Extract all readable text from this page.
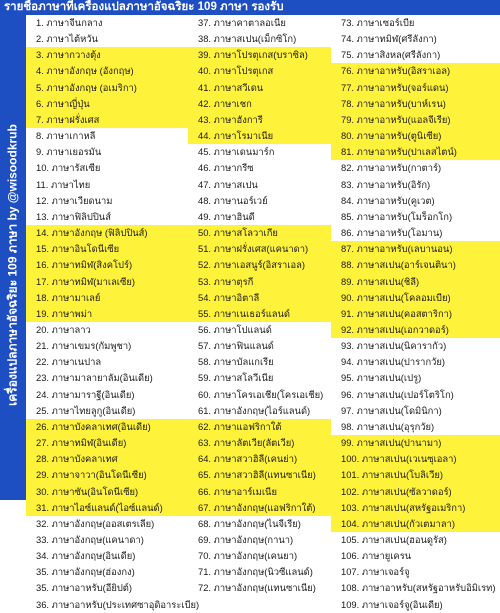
รายชื่อภาษาที่เครื่องแปลภาษาอัจฉริยะ 109 ภาษา รองรับ
เครื่องแปลภาษาอัจฉริยะ 109 ภาษา by @wisoodkrub
1. ภาษาจีนกลาง
2. ภาษาไต้หวัน
3. ภาษากวางตุ้ง
4. ภาษาอังกฤษ (อังกฤษ)
5. ภาษาอังกฤษ (อเมริกา)
6. ภาษาญี่ปุ่น
7. ภาษาฝรั่งเศส
8. ภาษาเกาหลี
9. ภาษาเยอรมัน
10. ภาษารัสเซีย
11. ภาษาไทย
12. ภาษาเวียดนาม
13. ภาษาฟิลิปปินส์
14. ภาษาอังกฤษ (ฟิลิปปินส์)
15. ภาษาอินโดนีเซีย
16. ภาษาทมิฬ(สิงคโปร์)
17. ภาษาทมิฬ(มาเลเซีย)
18. ภาษามาเลย์
19. ภาษาพม่า
20. ภาษาลาว
21. ภาษาเขมร(กัมพูชา)
22. ภาษาเนปาล
23. ภาษามาลายาลัม(อินเดีย)
24. ภาษามาราฐี(อินเดีย)
25. ภาษาไทยลูกู(อินเดีย)
26. ภาษาบังคลาเทศ(อินเดีย)
27. ภาษาทมิฬ(อินเดีย)
28. ภาษาบังคลาเทศ
29. ภาษาจาวา(อินโดนีเซีย)
30. ภาษาซัน(อินโดนีเซีย)
31. ภาษาไอซ์แลนด์(ไอซ์แลนด์)
32. ภาษาอังกฤษ(ออสเตรเลีย)
33. ภาษาอังกฤษ(แคนาดา)
34. ภาษาอังกฤษ(อินเดีย)
35. ภาษาอังกฤษ(ฮ่องกง)
35. ภาษาอาหรับ(อียิปต์)
36. ภาษาอาหรับ(ประเทศซาอุดิอาระเบีย)
37. ภาษาคาตาลอเนีย
38. ภาษาสเปน(เม็กซิโก)
39. ภาษาโปรตุเกส(บราซิล)
40. ภาษาโปรตุเกส
41. ภาษาสวีเดน
42. ภาษาเชก
43. ภาษาฮังการี
44. ภาษาโรมาเนีย
45. ภาษาเดนมาร์ก
46. ภาษากรีซ
47. ภาษาสเปน
48. ภาษานอร์เวย์
49. ภาษาฮินดี
50. ภาษาสโลวาเกีย
51. ภาษาฝรั่งเศส(แคนาดา)
52. ภาษาเอสนูร์(อิสราเอล)
53. ภาษาตุรกี
54. ภาษาอิตาลี
55. ภาษาเนเธอร์แลนด์
56. ภาษาโปแลนด์
57. ภาษาฟินแลนด์
58. ภาษาบัลแกเรีย
59. ภาษาสโลวีเนีย
60. ภาษาโครเอเชีย(โครเอเชีย)
61. ภาษาอังกฤษ(ไอร์แลนด์)
62. ภาษาแอฟริกาใต้
63. ภาษาลัตเวีย(ลัตเวีย)
64. ภาษาสวาฮิลี(เคนย่า)
65. ภาษาสวาฮิลี(แทนซาเนีย)
66. ภาษาอาร์เมเนีย
67. ภาษาอังกฤษ(แอฟริกาใต้)
68. ภาษาอังกฤษ(ไนจีเรีย)
69. ภาษาอังกฤษ(กานา)
70. ภาษาอังกฤษ(เคนยา)
71. ภาษาอังกฤษ(นิวซีแลนด์)
72. ภาษาอังกฤษ(แทนซาเนีย)
73. ภาษาเซอร์เบีย
74. ภาษาทมิฬ(ศรีลังกา)
75. ภาษาสิงหล(ศรีลังกา)
76. ภาษาอาหรับ(อิสราเอล)
77. ภาษาอาหรับ(จอร์แดน)
78. ภาษาอาหรับ(บาห์เรน)
79. ภาษาอาหรับ(แอลจีเรีย)
80. ภาษาอาหรับ(ตูนิเซีย)
81. ภาษาอาหรับ(ปาเลสไตน์)
82. ภาษาอาหรับ(กาตาร์)
83. ภาษาอาหรับ(อิรัก)
84. ภาษาอาหรับ(คูเวต)
85. ภาษาอาหรับ(โมร็อกโก)
86. ภาษาอาหรับ(โอมาน)
87. ภาษาอาหรับ(เลบานอน)
88. ภาษาสเปน(อาร์เจนตินา)
89. ภาษาสเปน(ชิลี)
90. ภาษาสเปน(โคลอมเบีย)
91. ภาษาสเปน(คอสตาริกา)
92. ภาษาสเปน(เอกวาดอร์)
93. ภาษาสเปน(นิคารากัว)
94. ภาษาสเปน(ปารากวัย)
95. ภาษาสเปน(เปรู)
96. ภาษาสเปน(เปอร์โตริโก)
97. ภาษาสเปน(โดมินิกา)
98. ภาษาสเปน(อุรุกวัย)
99. ภาษาสเปน(ปานามา)
100. ภาษาสเปน(เวเนซุเอลา)
101. ภาษาสเปน(โบลิเวีย)
102. ภาษาสเปน(ซัลวาดอร์)
103. ภาษาสเปน(สหรัฐอเมริกา)
104. ภาษาสเปน(กัวเตมาลา)
105. ภาษาสเปน(ฮอนดูรัส)
106. ภาษายูเครน
107. ภาษาเจอร์จู
108. ภาษาอาหรับ(สหรัฐอาหรับอิมิเรท)
109. ภาษาเจอร์จู(อินเดีย)
